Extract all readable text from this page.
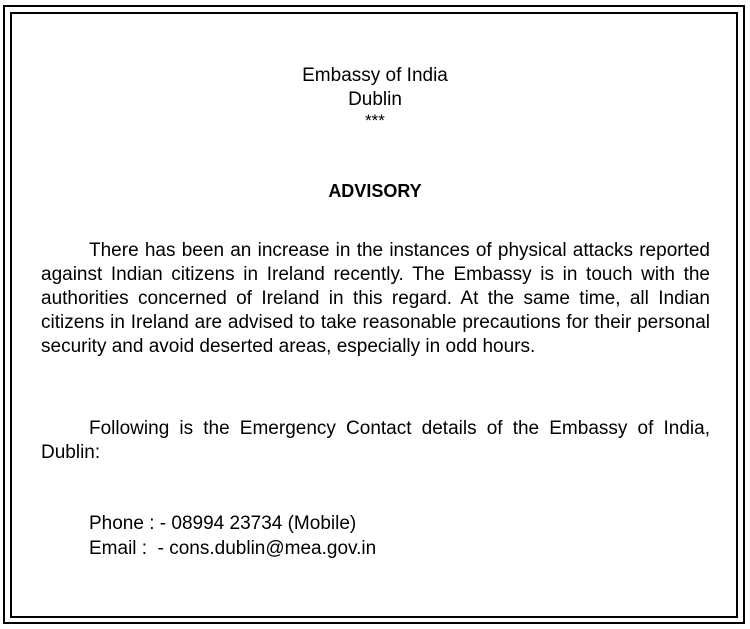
Embassy of India
Dublin
***
ADVISORY
There has been an increase in the instances of physical attacks reported against Indian citizens in Ireland recently. The Embassy is in touch with the authorities concerned of Ireland in this regard. At the same time, all Indian citizens in Ireland are advised to take reasonable precautions for their personal security and avoid deserted areas, especially in odd hours.
Following is the Emergency Contact details of the Embassy of India, Dublin:
Phone : - 08994 23734 (Mobile)
Email :  - cons.dublin@mea.gov.in
